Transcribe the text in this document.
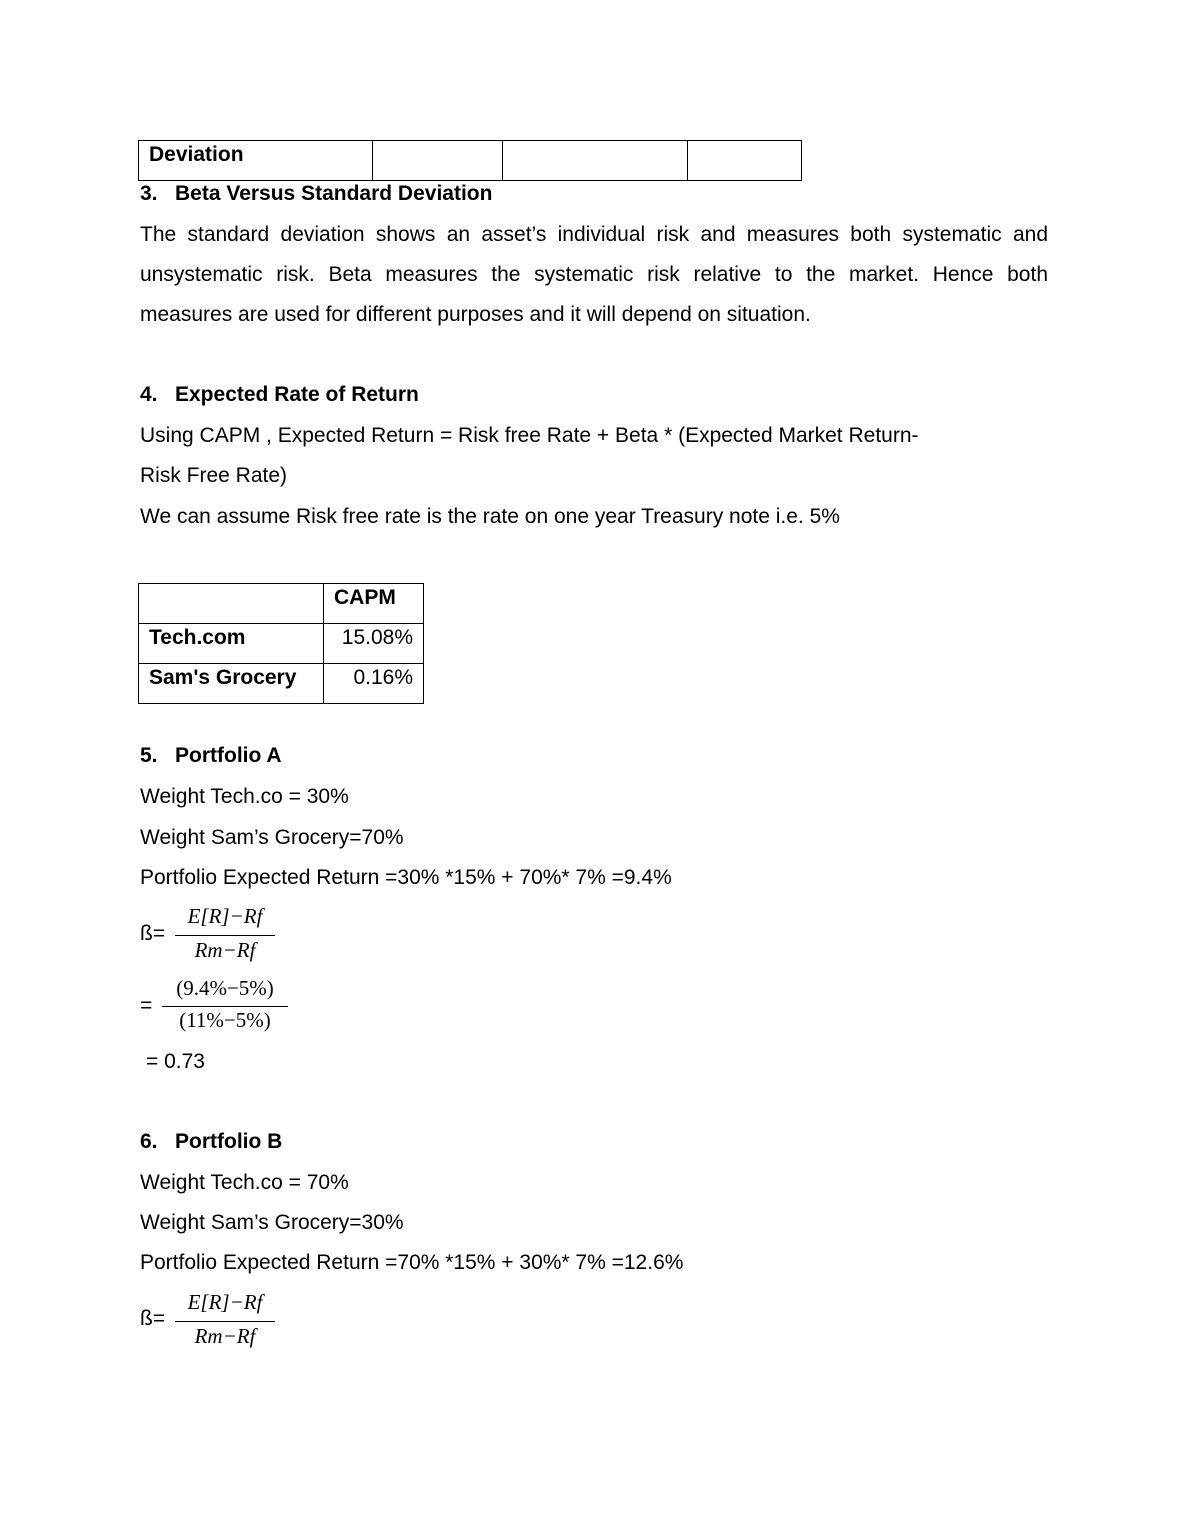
Deviation			
3. Beta Versus Standard Deviation
The standard deviation shows an asset’s individual risk and measures both systematic and unsystematic risk. Beta measures the systematic risk relative to the market. Hence both measures are used for different purposes and it will depend on situation.
4. Expected Rate of Return
Using CAPM , Expected Return = Risk free Rate + Beta * (Expected Market Return-
Risk Free Rate)
We can assume Risk free rate is the rate on one year Treasury note i.e. 5%
	CAPM
Tech.com	15.08%
Sam's Grocery	0.16%
5. Portfolio A
Weight Tech.co = 30%
Weight Sam’s Grocery=70%
Portfolio Expected Return =30% *15% + 70%* 7% =9.4%
ß=
E[R]−Rf
Rm−Rf
=
(9.4%−5%)
(11%−5%)
= 0.73
6. Portfolio B
Weight Tech.co = 70%
Weight Sam’s Grocery=30%
Portfolio Expected Return =70% *15% + 30%* 7% =12.6%
ß=
E[R]−Rf
Rm−Rf
